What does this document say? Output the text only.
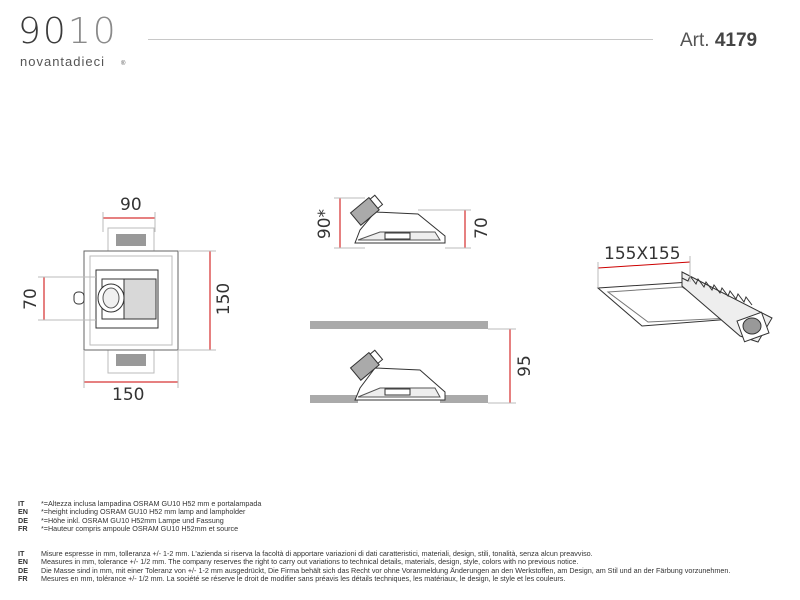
9010
novantadieci	®
Art. 4179
90
150
70	150
90*	70
95
155X155
IT	*=Altezza inclusa lampadina OSRAM GU10 H52 mm e portalampada
EN	*=height including OSRAM GU10 H52 mm lamp and lampholder
DE	*=Höhe inkl. OSRAM GU10 H52mm Lampe und Fassung
FR	*=Hauteur compris ampoule OSRAM GU10 H52mm et source
IT	Misure espresse in mm, tolleranza +/- 1-2 mm. L'azienda si riserva la facoltà di apportare variazioni di dati caratteristici, materiali, design, stili, tonalità, senza alcun preavviso.
EN	Measures in mm, tolerance +/- 1/2 mm. The company reserves the right to carry out variations to technical details, materials, design, style, colors with no previous notice.
DE	Die Masse sind in mm, mit einer Toleranz von +/- 1-2 mm ausgedrückt, Die Firma behält sich das Recht vor ohne Voranmeldung Änderungen an den Werkstoffen, am Design, am Stil und an der Färbung vorzunehmen.
FR	Mesures en mm, tolérance +/- 1/2 mm. La société se réserve le droit de modifier sans préavis les détails techniques, les matériaux, le design, le style et les couleurs.
